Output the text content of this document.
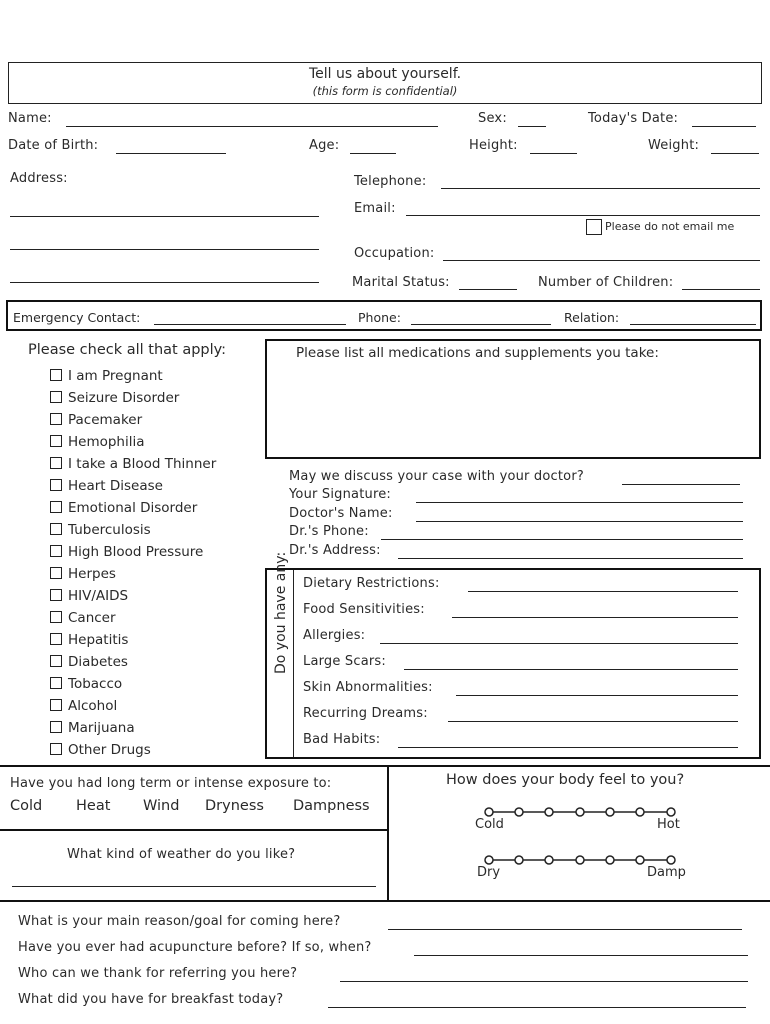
Tell us about yourself.
(this form is confidential)
Name:	Sex:	Today's Date:
Date of Birth:	Age:	Height:	Weight:
Address:	Telephone:
Email:
Please do not email me
Occupation:
Marital Status:	Number of Children:
Emergency Contact:	Phone:	Relation:
Please check all that apply:
I am Pregnant
Seizure Disorder
Pacemaker
Hemophilia
I take a Blood Thinner
Heart Disease
Emotional Disorder
Tuberculosis
High Blood Pressure
Herpes
HIV/AIDS
Cancer
Hepatitis
Diabetes
Tobacco
Alcohol
Marijuana
Other Drugs
Please list all medications and supplements you take:
May we discuss your case with your doctor?
Your Signature:
Doctor's Name:
Dr.'s Phone:
Dr.'s Address:
Do you have any: Dietary Restrictions:
Food Sensitivities:
Allergies:
Large Scars:
Skin Abnormalities:
Recurring Dreams:
Bad Habits:
Have you had long term or intense exposure to:
Cold Heat Wind Dryness Dampness
How does your body feel to you?
Cold	Hot
Dry	Damp
What kind of weather do you like?
What is your main reason/goal for coming here?
Have you ever had acupuncture before? If so, when?
Who can we thank for referring you here?
What did you have for breakfast today?
